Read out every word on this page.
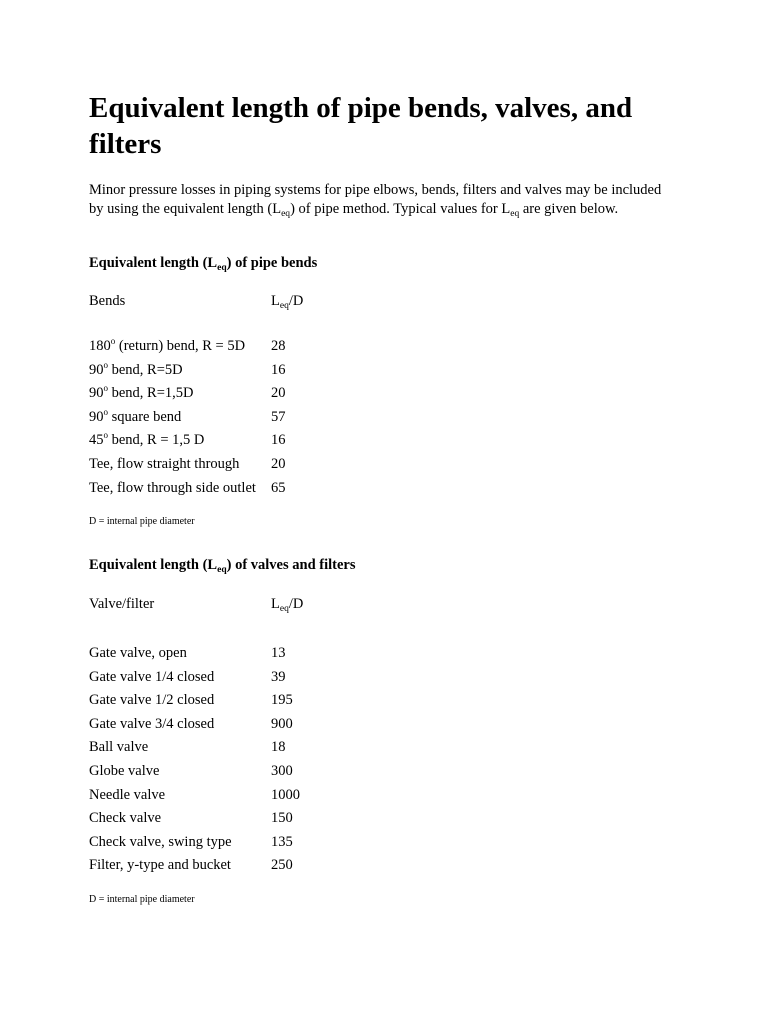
Equivalent length of pipe bends, valves, and filters

Minor pressure losses in piping systems for pipe elbows, bends, filters and valves may be included by using the equivalent length $(L_{eq})$ of pipe method. Typical values for $L_{eq}$ are given below.

Equivalent length $(L_{eq})$ of pipe bends
Bends	$L_{eq}/D$
180$^o$ (return) bend, R = 5D 28
90$^o$ bend, R=5D	16
90$^o$ bend, R=1,5D	20
90$^o$ square bend	57
45$^o$ bend, R = 1,5 D	16
Tee, flow straight through 20
Tee, flow through side outlet 65
D = internal pipe diameter
Equivalent length $(L_{eq})$ of valves and filters
Valve/filter	$L_{eq}/D$
Gate valve, open	13
Gate valve 1/4 closed	39
Gate valve 1/2 closed	195
Gate valve 3/4 closed	900
Ball valve	18
Globe valve	300
Needle valve	1000
Check valve	150
Check valve, swing type	135
Filter, y-type and bucket	250
D = internal pipe diameter
